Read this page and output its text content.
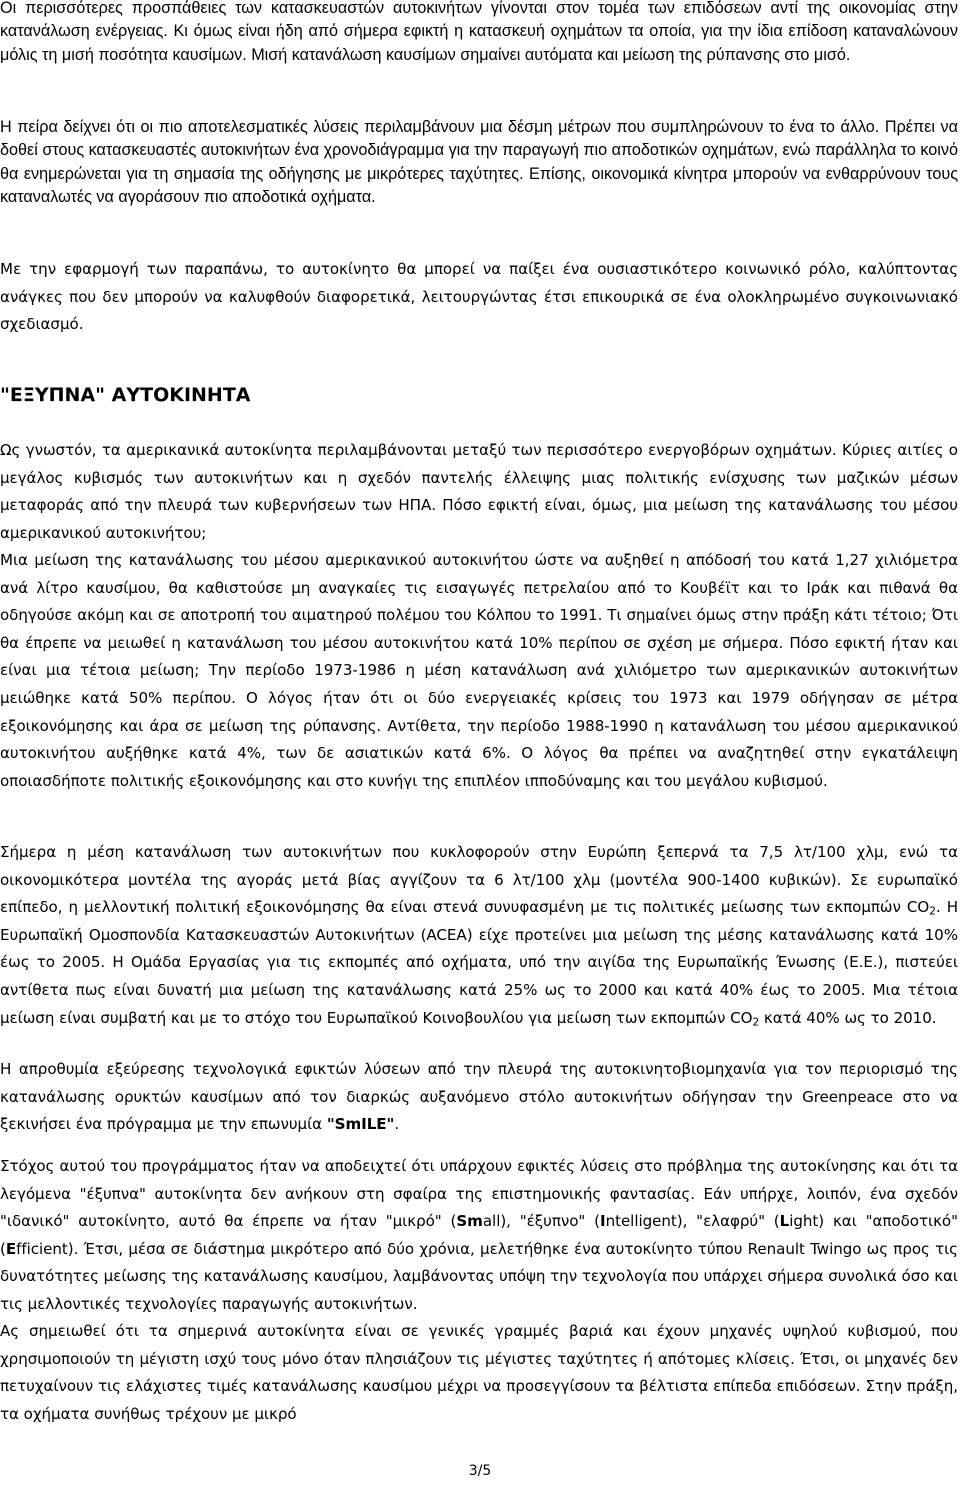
Οι περισσότερες προσπάθειες των κατασκευαστών αυτοκινήτων γίνονται στον τομέα των επιδόσεων αντί της οικονομίας στην κατανάλωση ενέργειας. Κι όμως είναι ήδη από σήμερα εφικτή η κατασκευή οχημάτων τα οποία, για την ίδια επίδοση καταναλώνουν μόλις τη μισή ποσότητα καυσίμων. Μισή κατανάλωση καυσίμων σημαίνει αυτόματα και μείωση της ρύπανσης στο μισό.

Η πείρα δείχνει ότι οι πιο αποτελεσματικές λύσεις περιλαμβάνουν μια δέσμη μέτρων που συμπληρώνουν το ένα το άλλο. Πρέπει να δοθεί στους κατασκευαστές αυτοκινήτων ένα χρονοδιάγραμμα για την παραγωγή πιο αποδοτικών οχημάτων, ενώ παράλληλα το κοινό θα ενημερώνεται για τη σημασία της οδήγησης με μικρότερες ταχύτητες. Επίσης, οικονομικά κίνητρα μπορούν να ενθαρρύνουν τους καταναλωτές να αγοράσουν πιο αποδοτικά οχήματα.

Με την εφαρμογή των παραπάνω, το αυτοκίνητο θα μπορεί να παίξει ένα ουσιαστικότερο κοινωνικό ρόλο, καλύπτοντας ανάγκες που δεν μπορούν να καλυφθούν διαφορετικά, λειτουργώντας έτσι επικουρικά σε ένα ολοκληρωμένο συγκοινωνιακό σχεδιασμό.

"ΕΞΥΠΝΑ" ΑΥΤΟΚΙΝΗΤΑ

Ως γνωστόν, τα αμερικανικά αυτοκίνητα περιλαμβάνονται μεταξύ των περισσότερο ενεργοβόρων οχημάτων. Κύριες αιτίες ο μεγάλος κυβισμός των αυτοκινήτων και η σχεδόν παντελής έλλειψης μιας πολιτικής ενίσχυσης των μαζικών μέσων μεταφοράς από την πλευρά των κυβερνήσεων των ΗΠΑ. Πόσο εφικτή είναι, όμως, μια μείωση της κατανάλωσης του μέσου αμερικανικού αυτοκινήτου;

Μια μείωση της κατανάλωσης του μέσου αμερικανικού αυτοκινήτου ώστε να αυξηθεί η απόδοσή του κατά 1,27 χιλιόμετρα ανά λίτρο καυσίμου, θα καθιστούσε μη αναγκαίες τις εισαγωγές πετρελαίου από το Κουβέϊτ και το Ιράκ και πιθανά θα οδηγούσε ακόμη και σε αποτροπή του αιματηρού πολέμου του Κόλπου το 1991. Τι σημαίνει όμως στην πράξη κάτι τέτοιο; Ότι θα έπρεπε να μειωθεί η κατανάλωση του μέσου αυτοκινήτου κατά 10% περίπου σε σχέση με σήμερα. Πόσο εφικτή ήταν και είναι μια τέτοια μείωση; Την περίοδο 1973-1986 η μέση κατανάλωση ανά χιλιόμετρο των αμερικανικών αυτοκινήτων μειώθηκε κατά 50% περίπου. Ο λόγος ήταν ότι οι δύο ενεργειακές κρίσεις του 1973 και 1979 οδήγησαν σε μέτρα εξοικονόμησης και άρα σε μείωση της ρύπανσης. Αντίθετα, την περίοδο 1988-1990 η κατανάλωση του μέσου αμερικανικού αυτοκινήτου αυξήθηκε κατά 4%, των δε ασιατικών κατά 6%. Ο λόγος θα πρέπει να αναζητηθεί στην εγκατάλειψη οποιασδήποτε πολιτικής εξοικονόμησης και στο κυνήγι της επιπλέον ιπποδύναμης και του μεγάλου κυβισμού.

Σήμερα η μέση κατανάλωση των αυτοκινήτων που κυκλοφορούν στην Ευρώπη ξεπερνά τα 7,5 λτ/100 χλμ, ενώ τα οικονομικότερα μοντέλα της αγοράς μετά βίας αγγίζουν τα 6 λτ/100 χλμ (μοντέλα 900-1400 κυβικών). Σε ευρωπαϊκό επίπεδο, η μελλοντική πολιτική εξοικονόμησης θα είναι στενά συνυφασμένη με τις πολιτικές μείωσης των εκπομπών $CO_2$. Η Ευρωπαϊκή Ομοσπονδία Κατασκευαστών Αυτοκινήτων (ACEA) είχε προτείνει μια μείωση της μέσης κατανάλωσης κατά 10% έως το 2005. Η Ομάδα Εργασίας για τις εκπομπές από οχήματα, υπό την αιγίδα της Ευρωπαϊκής Ένωσης (Ε.Ε.), πιστεύει αντίθετα πως είναι δυνατή μια μείωση της κατανάλωσης κατά 25% ως το 2000 και κατά 40% έως το 2005. Μια τέτοια μείωση είναι συμβατή και με το στόχο του Ευρωπαϊκού Κοινοβουλίου για μείωση των εκπομπών $CO_2$ κατά 40% ως το 2010.

Η απροθυμία εξεύρεσης τεχνολογικά εφικτών λύσεων από την πλευρά της αυτοκινητοβιομηχανία για τον περιορισμό της κατανάλωσης ορυκτών καυσίμων από τον διαρκώς αυξανόμενο στόλο αυτοκινήτων οδήγησαν την Greenpeace στο να ξεκινήσει ένα πρόγραμμα με την επωνυμία "SmILE".

Στόχος αυτού του προγράμματος ήταν να αποδειχτεί ότι υπάρχουν εφικτές λύσεις στο πρόβλημα της αυτοκίνησης και ότι τα λεγόμενα "έξυπνα" αυτοκίνητα δεν ανήκουν στη σφαίρα της επιστημονικής φαντασίας. Εάν υπήρχε, λοιπόν, ένα σχεδόν "ιδανικό" αυτοκίνητο, αυτό θα έπρεπε να ήταν "μικρό" (Small), "έξυπνο" (Intelligent), "ελαφρύ" (Light) και "αποδοτικό" (Efficient). Έτσι, μέσα σε διάστημα μικρότερο από δύο χρόνια, μελετήθηκε ένα αυτοκίνητο τύπου Renault Twingo ως προς τις δυνατότητες μείωσης της κατανάλωσης καυσίμου, λαμβάνοντας υπόψη την τεχνολογία που υπάρχει σήμερα συνολικά όσο και τις μελλοντικές τεχνολογίες παραγωγής αυτοκινήτων.

Ας σημειωθεί ότι τα σημερινά αυτοκίνητα είναι σε γενικές γραμμές βαριά και έχουν μηχανές υψηλού κυβισμού, που χρησιμοποιούν τη μέγιστη ισχύ τους μόνο όταν πλησιάζουν τις μέγιστες ταχύτητες ή απότομες κλίσεις. Έτσι, οι μηχανές δεν πετυχαίνουν τις ελάχιστες τιμές κατανάλωσης καυσίμου μέχρι να προσεγγίσουν τα βέλτιστα επίπεδα επιδόσεων. Στην πράξη, τα οχήματα συνήθως τρέχουν με μικρό

3/5
